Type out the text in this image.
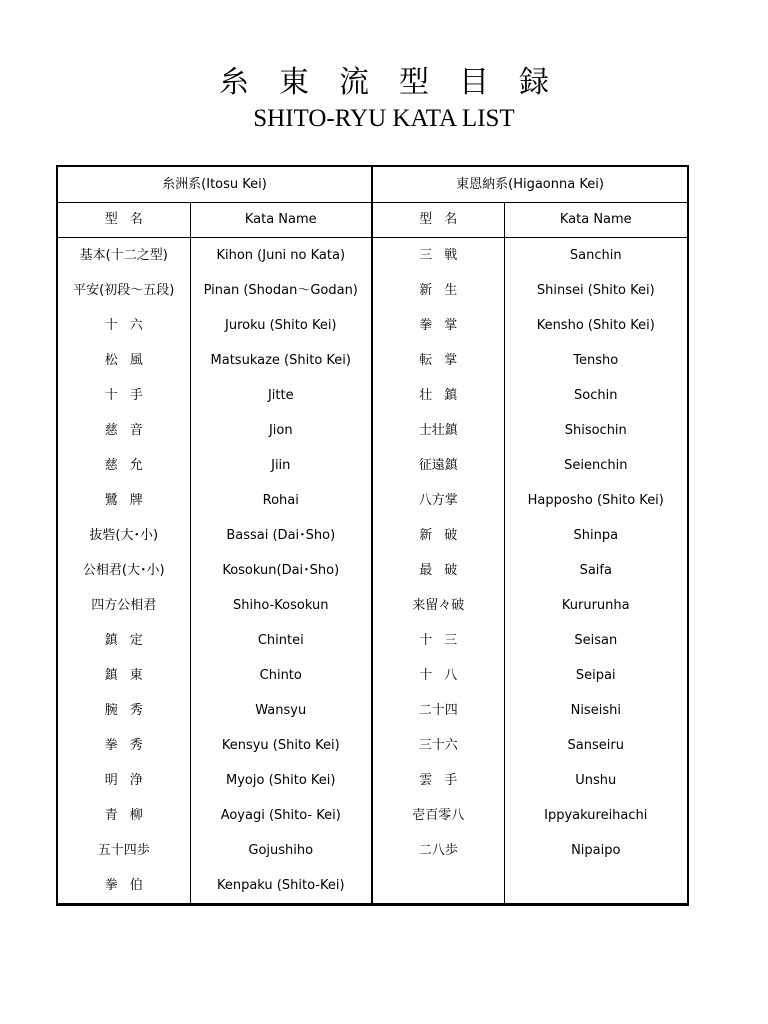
糸東流型目録
SHITO-RYU KATA LIST
糸洲系(Itosu Kei)		東恩納系(Higaonna Kei)	
型名	Kata Name	型名	Kata Name
基本(十二之型)	Kihon (Juni no Kata)	三戦	Sanchin
平安(初段〜五段)	Pinan (Shodan〜Godan)	新生	Shinsei (Shito Kei)
十六	Juroku (Shito Kei)	拳掌	Kensho (Shito Kei)
松風	Matsukaze (Shito Kei)	転掌	Tensho
十手	Jitte	壮鎮	Sochin
慈音	Jion	士壮鎮	Shisochin
慈允	Jiin	征遠鎮	Seienchin
鷺牌	Rohai	八方掌	Happosho (Shito Kei)
抜砦(大･小)	Bassai (Dai･Sho)	新破	Shinpa
公相君(大･小)	Kosokun(Dai･Sho)	最破	Saifa
四方公相君	Shiho-Kosokun	来留々破	Kururunha
鎮定	Chintei	十三	Seisan
鎮東	Chinto	十八	Seipai
腕秀	Wansyu	二十四	Niseishi
拳秀	Kensyu (Shito Kei)	三十六	Sanseiru
明浄	Myojo (Shito Kei)	雲手	Unshu
青柳	Aoyagi (Shito- Kei)	壱百零八	Ippyakureihachi
五十四歩	Gojushiho	二八歩	Nipaipo
拳伯	Kenpaku (Shito-Kei)		
